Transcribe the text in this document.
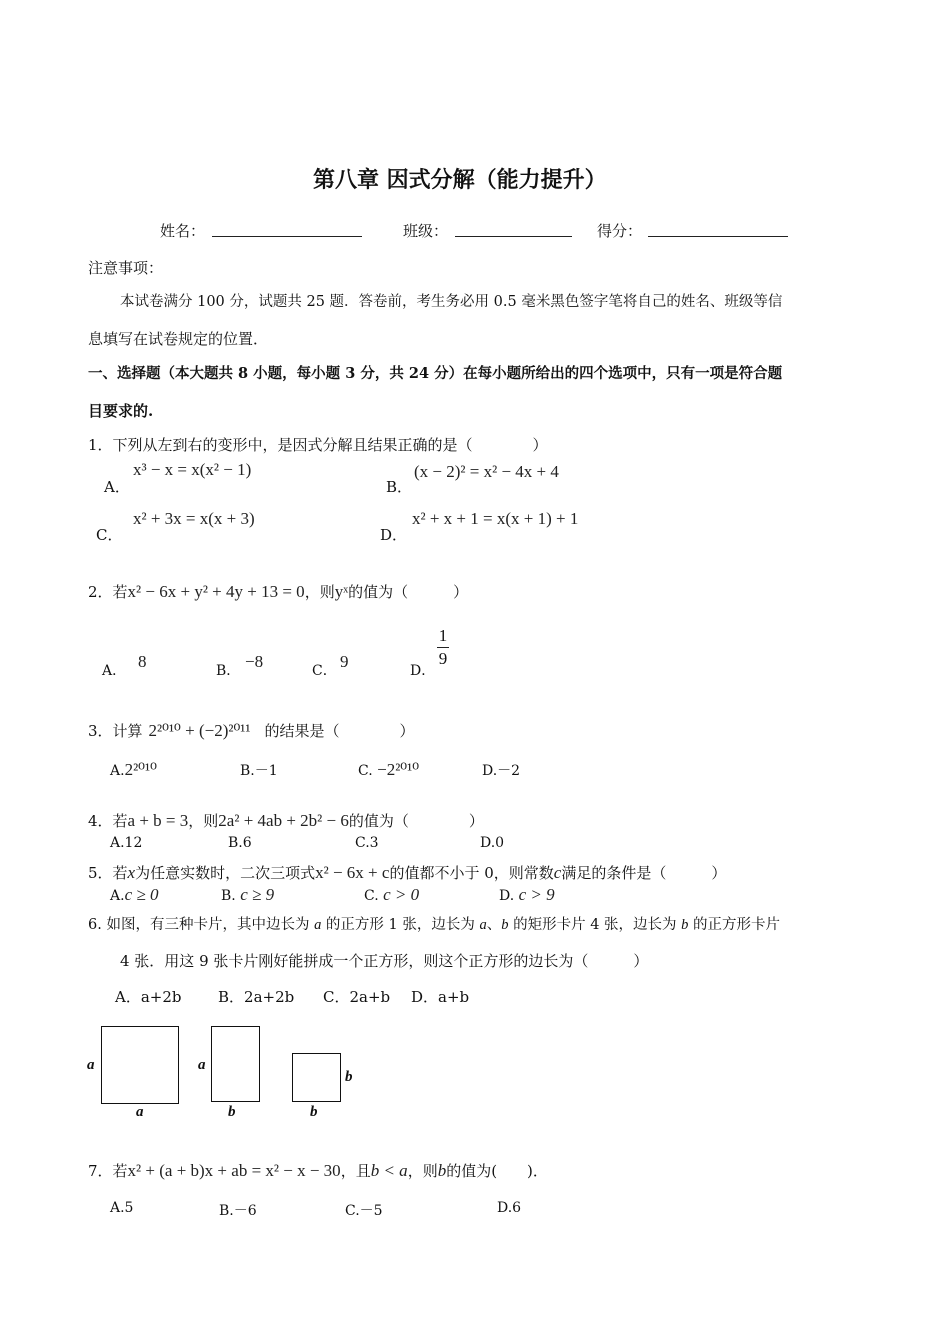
第八章 因式分解（能力提升）
姓名：	班级：	得分：
注意事项：
本试卷满分 100 分，试题共 25 题．答卷前，考生务必用 0.5 毫米黑色签字笔将自己的姓名、班级等信
息填写在试卷规定的位置．
一、选择题（本大题共 8 小题，每小题 3 分，共 24 分）在每小题所给出的四个选项中，只有一项是符合题
目要求的.
1．下列从左到右的变形中，是因式分解且结果正确的是（　　　　）
A．
x³ − x = x(x² − 1)
B．
(x − 2)² = x² − 4x + 4
C．
x² + 3x = x(x + 3)
D．
x² + x + 1 = x(x + 1) + 1
2．若x² − 6x + y² + 4y + 13 = 0，则yˣ的值为（　　　）
A． 8	B． −8	C． 9	D．
1
9
3．计算 2²⁰¹⁰ + (−2)²⁰¹¹ 的结果是（　　　　）
A.2²⁰¹⁰	B.－1	C. −2²⁰¹⁰	D.－2
4．若a + b = 3，则2a² + 4ab + 2b² − 6的值为（　　　　）
A.12	B.6	C.3	D.0
5．若x为任意实数时，二次三项式x² − 6x + c的值都不小于 0，则常数c满足的条件是（　　　）
A.c ≥ 0	B. c ≥ 9	C. c > 0	D. c > 9
6. 如图，有三种卡片，其中边长为 a 的正方形 1 张，边长为 a、b 的矩形卡片 4 张，边长为 b 的正方形卡片
4 张．用这 9 张卡片刚好能拼成一个正方形，则这个正方形的边长为（　　　）
A．a+2b B．2a+2b C．2a+b D．a+b
a
a
a
b
b
b
7．若x² + (a + b)x + ab = x² − x − 30，且b < a，则b的值为(　　)．
A.5	B.－6	C.－5	D.6
